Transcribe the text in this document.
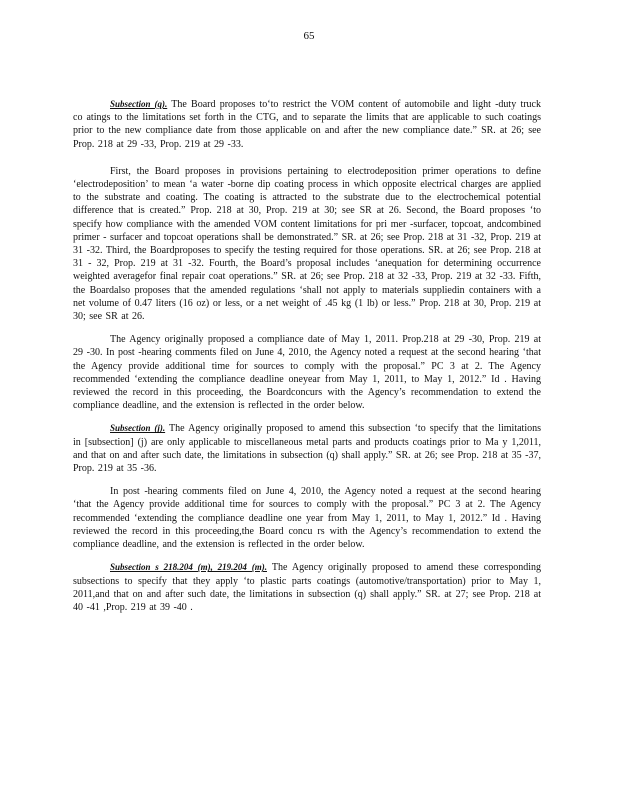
65

Subsection (q). The Board proposes to‘to restrict the VOM content of automobile and light -duty truck co atings to the limitations set forth in the CTG, and to separate the limits that are applicable to such coatings prior to the new compliance date from those applicable on and after the new compliance date.” SR. at 26; see Prop. 218 at 29 -33, Prop. 219 at 29 -33.

First, the Board proposes in provisions pertaining to electrodeposition primer operations to define ‘electrodeposition’ to mean ‘a water -borne dip coating process in which opposite electrical charges are applied to the substrate and coating. The coating is attracted to the substrate due to the electrochemical potential difference that is created.” Prop. 218 at 30, Prop. 219 at 30; see SR at 26. Second, the Board proposes ‘to specify how compliance with the amended VOM content limitations for pri mer -surfacer, topcoat, andcombined primer - surfacer and topcoat operations shall be demonstrated.” SR. at 26; see Prop. 218 at 31 -32, Prop. 219 at 31 -32. Third, the Boardproposes to specify the testing required for those operations. SR. at 26; see Prop. 218 at 31 - 32, Prop. 219 at 31 -32. Fourth, the Board’s proposal includes ‘anequation for determining occurrence weighted averagefor final repair coat operations.” SR. at 26; see Prop. 218 at 32 -33, Prop. 219 at 32 -33. Fifth, the Boardalso proposes that the amended regulations ‘shall not apply to materials suppliedin containers with a net volume of 0.47 liters (16 oz) or less, or a net weight of .45 kg (1 lb) or less.” Prop. 218 at 30, Prop. 219 at 30; see SR at 26.

The Agency originally proposed a compliance date of May 1, 2011. Prop.218 at 29 -30, Prop. 219 at 29 -30. In post -hearing comments filed on June 4, 2010, the Agency noted a request at the second hearing ‘that the Agency provide additional time for sources to comply with the proposal.” PC 3 at 2. The Agency recommended ‘extending the compliance deadline oneyear from May 1, 2011, to May 1, 2012.” Id . Having reviewed the record in this proceeding, the Boardconcurs with the Agency’s recommendation to extend the compliance deadline, and the extension is reflected in the order below.

Subsection (j). The Agency originally proposed to amend this subsection ‘to specify that the limitations in [subsection] (j) are only applicable to miscellaneous metal parts and products coatings prior to Ma y 1,2011, and that on and after such date, the limitations in subsection (q) shall apply.” SR. at 26; see Prop. 218 at 35 -37, Prop. 219 at 35 -36.

In post -hearing comments filed on June 4, 2010, the Agency noted a request at the second hearing ‘that the Agency provide additional time for sources to comply with the proposal.” PC 3 at 2. The Agency recommended ‘extending the compliance deadline one year from May 1, 2011, to May 1, 2012.” Id . Having reviewed the record in this proceeding,the Board concu rs with the Agency’s recommendation to extend the compliance deadline, and the extension is reflected in the order below.

Subsection s 218.204 (m), 219.204 (m). The Agency originally proposed to amend these corresponding subsections to specify that they apply ‘to plastic parts coatings (automotive/transportation) prior to May 1, 2011,and that on and after such date, the limitations in subsection (q) shall apply.” SR. at 27; see Prop. 218 at 40 -41 ,Prop. 219 at 39 -40 .
